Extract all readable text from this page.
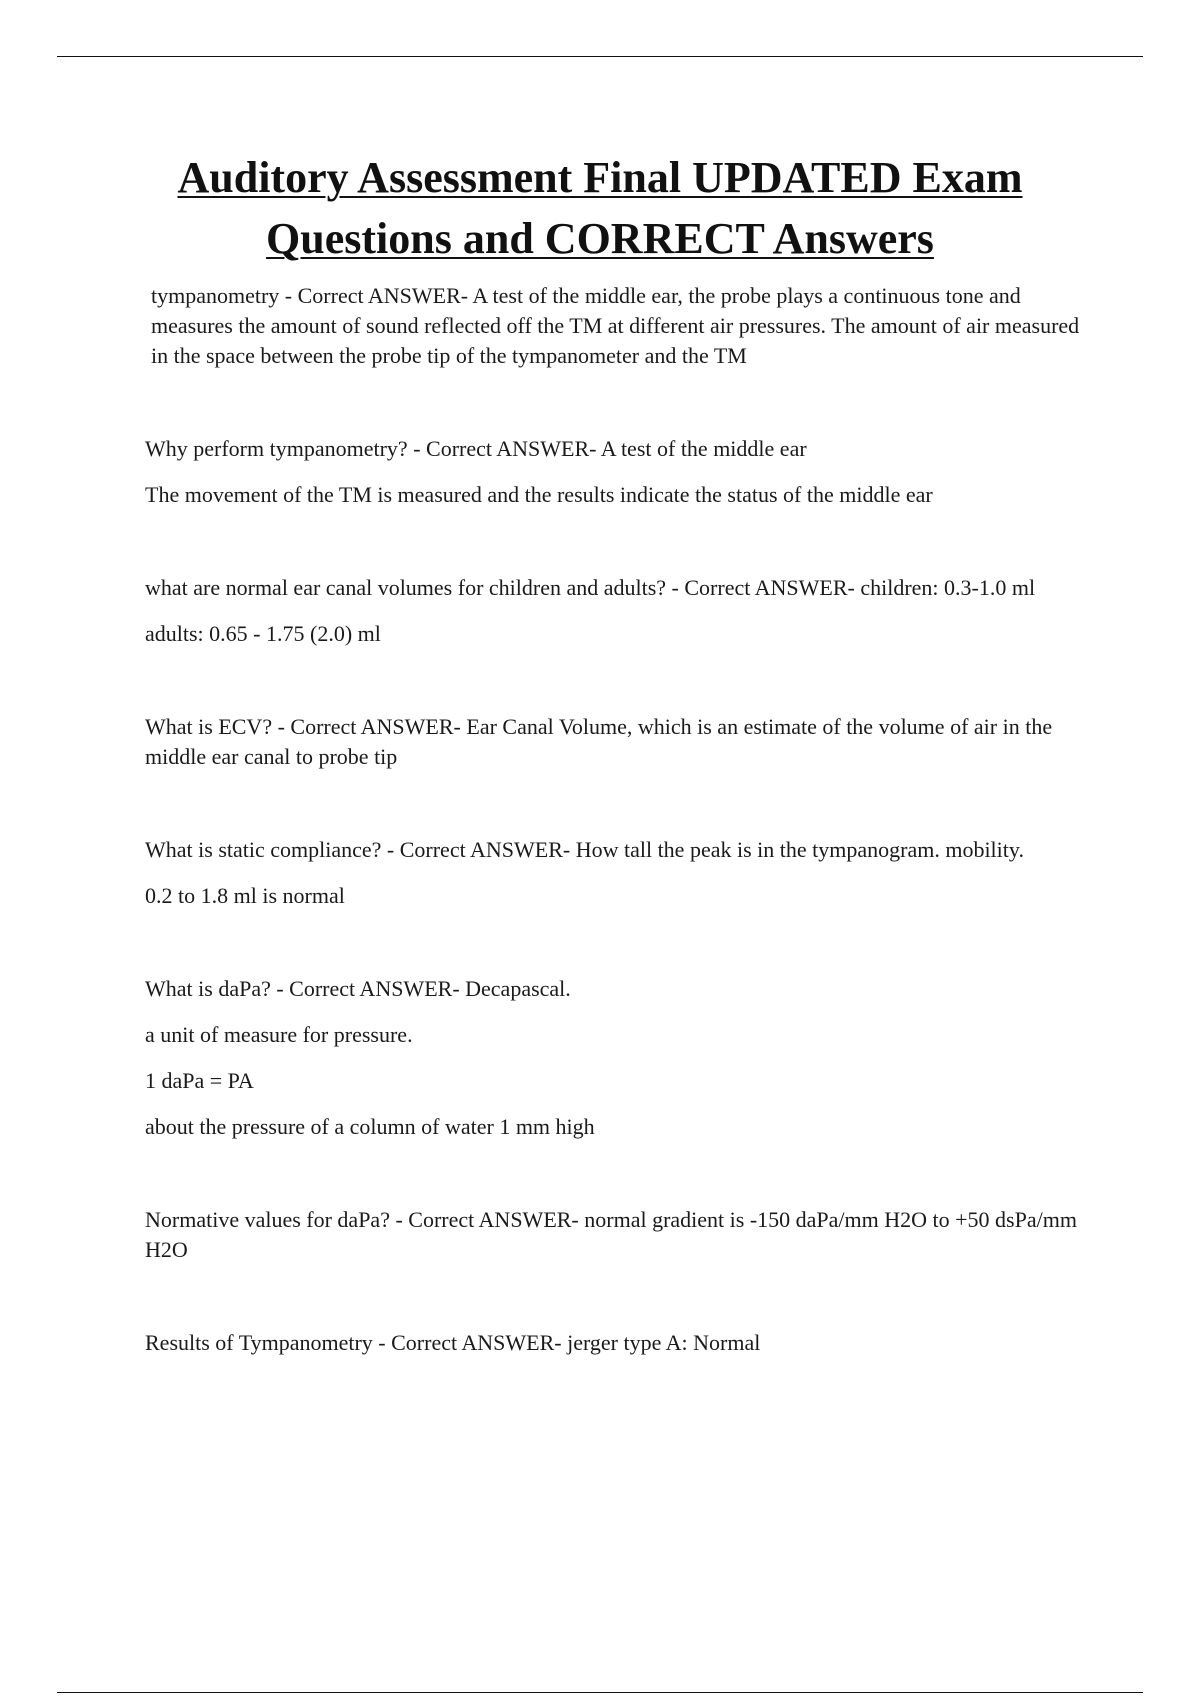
Auditory Assessment Final UPDATED Exam Questions and CORRECT Answers

tympanometry - Correct ANSWER- A test of the middle ear, the probe plays a continuous tone and measures the amount of sound reflected off the TM at different air pressures. The amount of air measured in the space between the probe tip of the tympanometer and the TM

Why perform tympanometry? - Correct ANSWER- A test of the middle ear

The movement of the TM is measured and the results indicate the status of the middle ear

what are normal ear canal volumes for children and adults? - Correct ANSWER- children: 0.3-1.0 ml

adults: 0.65 - 1.75 (2.0) ml

What is ECV? - Correct ANSWER- Ear Canal Volume, which is an estimate of the volume of air in the middle ear canal to probe tip

What is static compliance? - Correct ANSWER- How tall the peak is in the tympanogram. mobility.

0.2 to 1.8 ml is normal

What is daPa? - Correct ANSWER- Decapascal.

a unit of measure for pressure.

1 daPa = PA

about the pressure of a column of water 1 mm high

Normative values for daPa? - Correct ANSWER- normal gradient is -150 daPa/mm H2O to +50 dsPa/mm H2O

Results of Tympanometry - Correct ANSWER- jerger type A: Normal
